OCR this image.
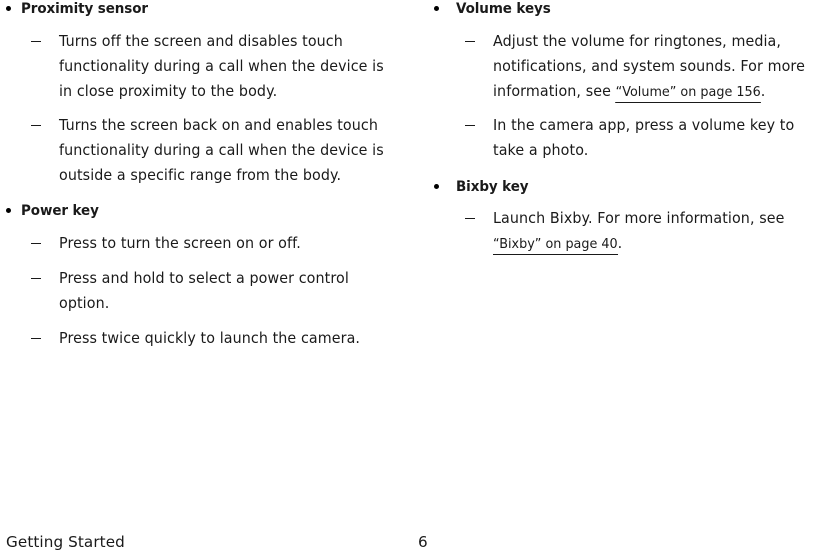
Proximity sensor
Turns off the screen and disables touch functionality during a call when the device is in close proximity to the body.
Turns the screen back on and enables touch functionality during a call when the device is outside a specific range from the body.
Power key
Press to turn the screen on or off.
Press and hold to select a power control option.
Press twice quickly to launch the camera.
Volume keys
Adjust the volume for ringtones, media, notifications, and system sounds. For more information, see “Volume” on page 156.
In the camera app, press a volume key to take a photo.
Bixby key
Launch Bixby. For more information, see “Bixby” on page 40.
Getting Started	6
